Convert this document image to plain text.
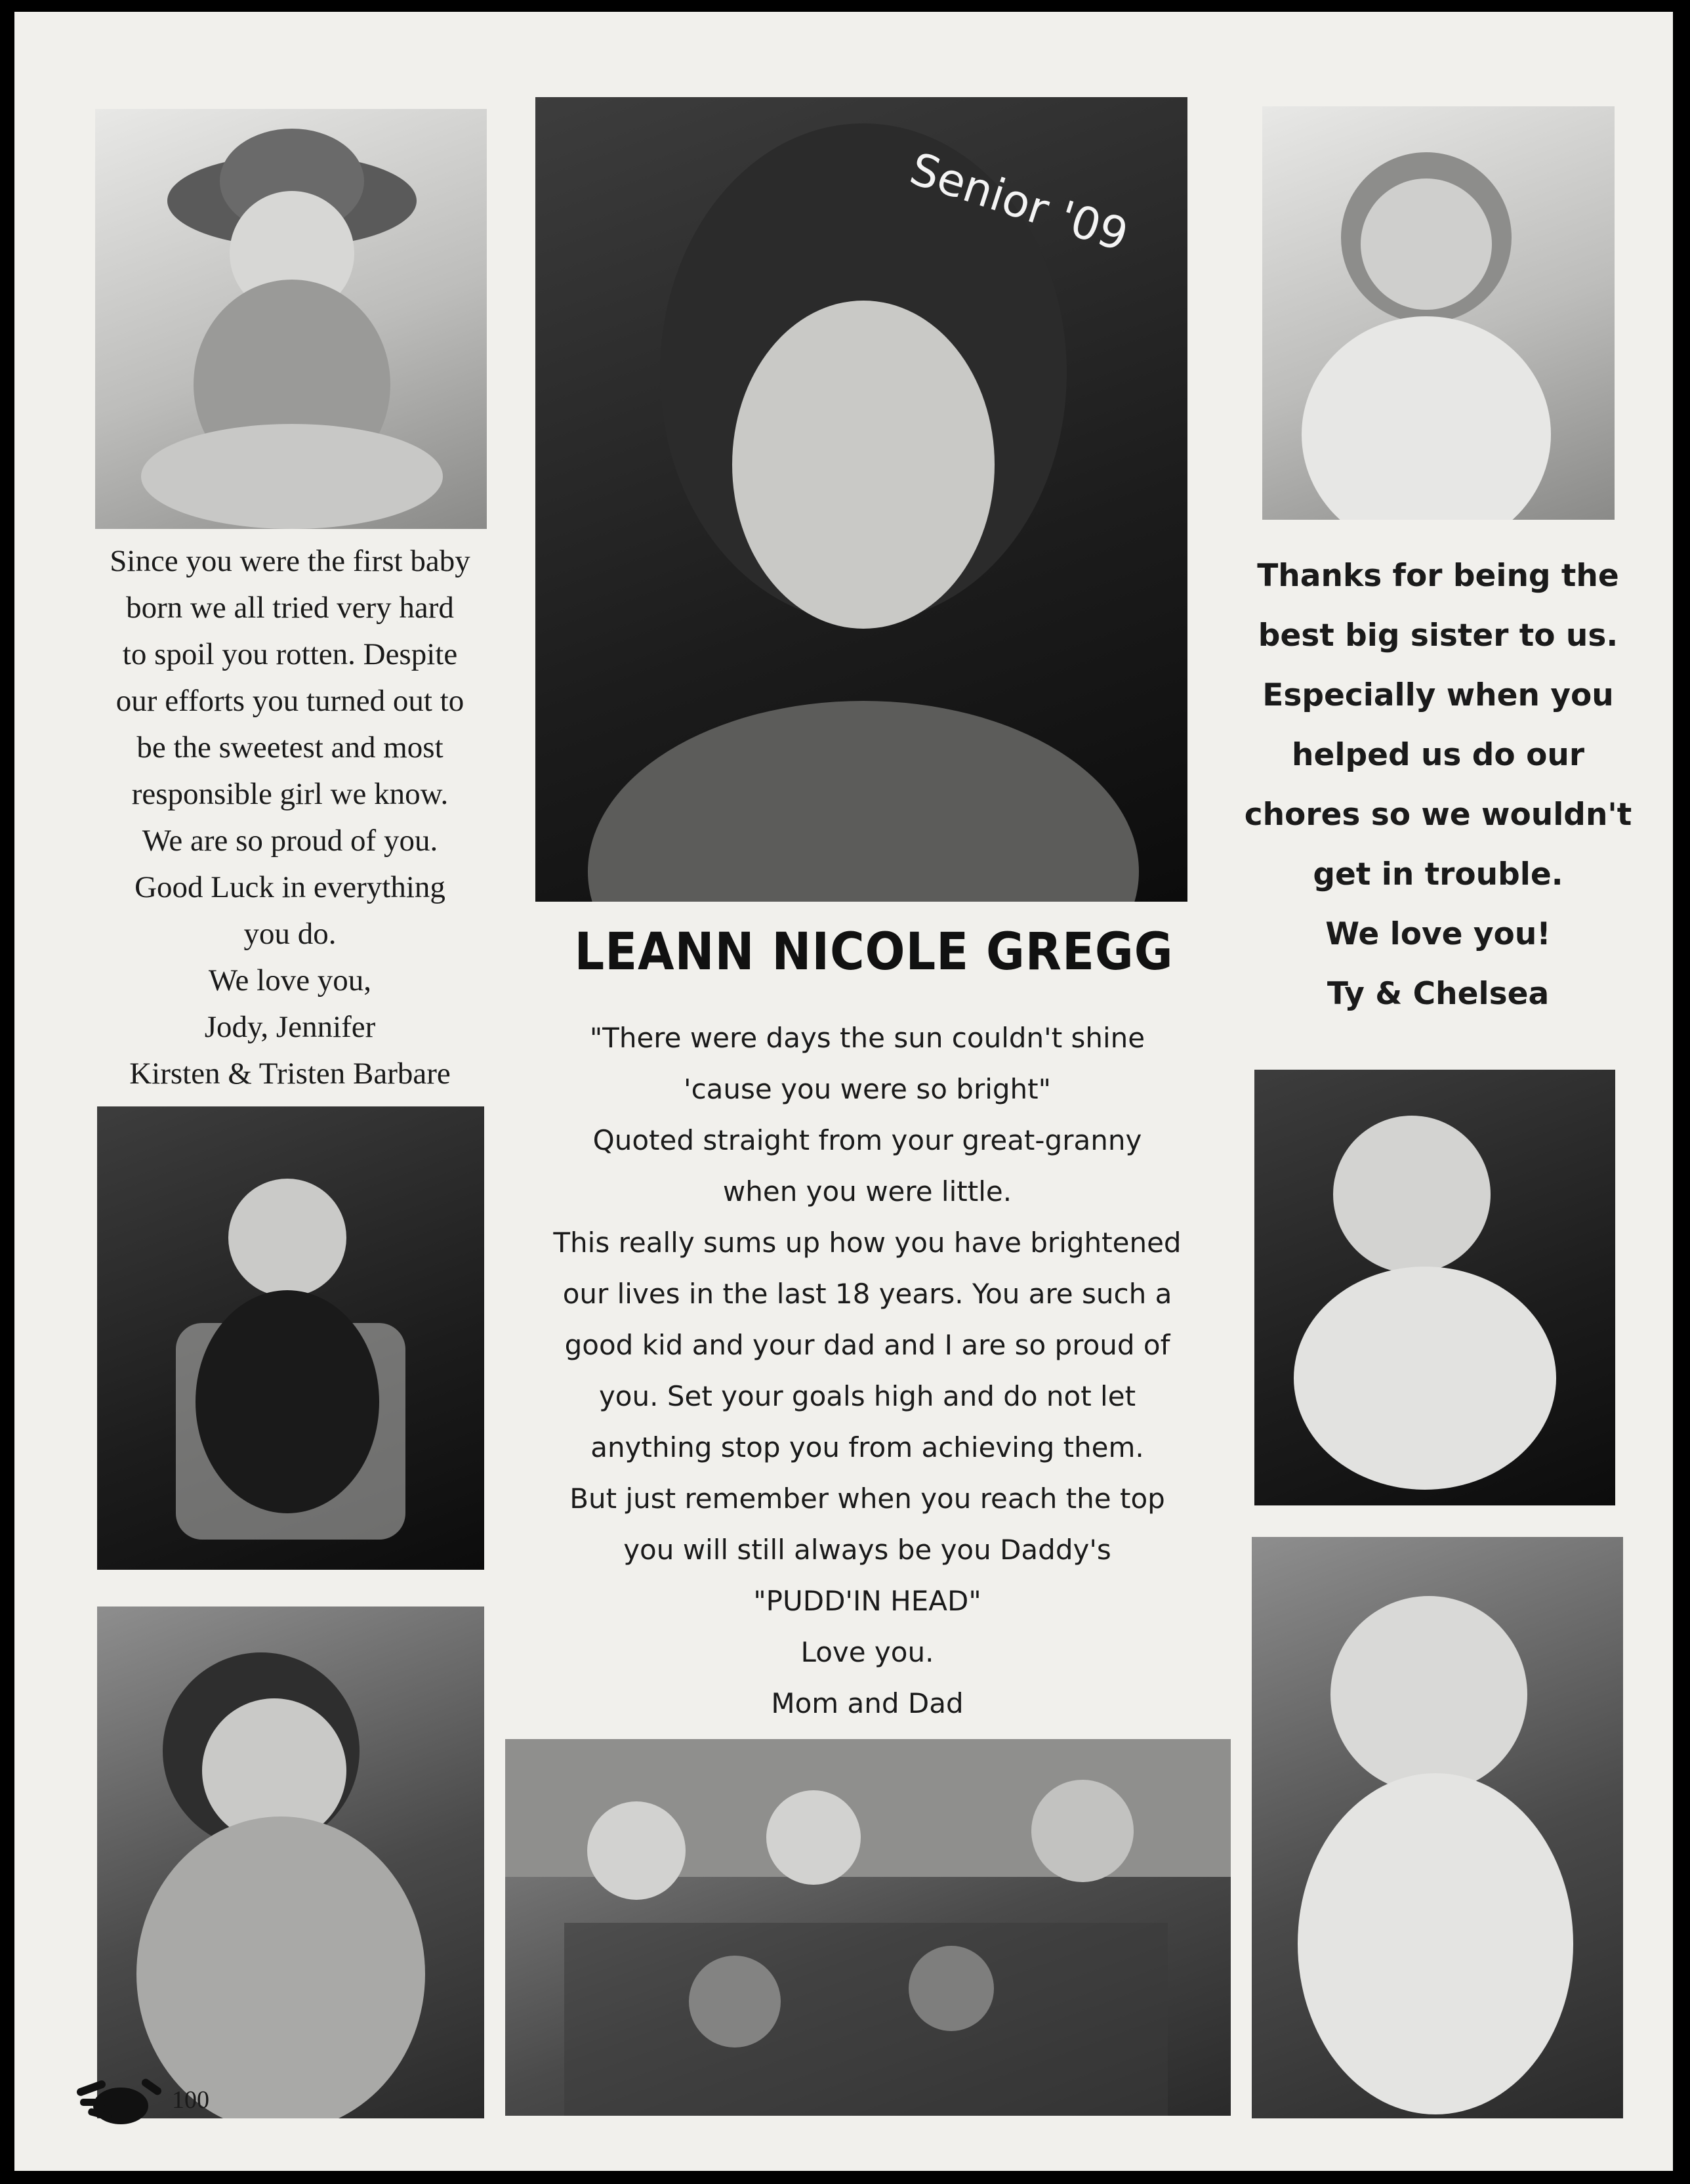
Senior '09

Since you were the first baby

born we all tried very hard

to spoil you rotten. Despite

our efforts you turned out to

be the sweetest and most

responsible girl we know.

We are so proud of you.

Good Luck in everything

you do.

We love you,

Jody, Jennifer

Kirsten & Tristen Barbare

Thanks for being the

best big sister to us.

Especially when you

helped us do our

chores so we wouldn't

get in trouble.

We love you!

Ty & Chelsea

LEANN NICOLE GREGG

"There were days the sun couldn't shine

'cause you were so bright"

Quoted straight from your great-granny

when you were little.

This really sums up how you have brightened

our lives in the last 18 years. You are such a

good kid and your dad and I are so proud of

you. Set your goals high and do not let

anything stop you from achieving them.

But just remember when you reach the top

you will still always be you Daddy's

"PUDD'IN HEAD"

Love you.

Mom and Dad

100
